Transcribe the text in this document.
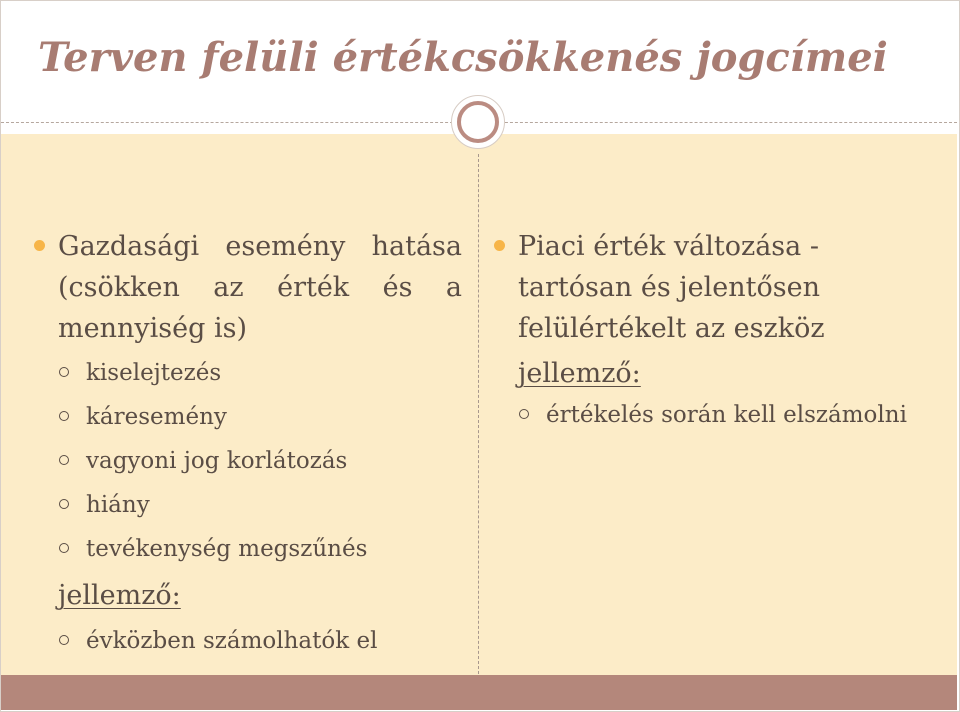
Terven felüli értékcsökkenés jogcímei

Gazdasági esemény hatása (csökken az érték és a mennyiség is)

kiselejtezés

káresemény

vagyoni jog korlátozás

hiány

tevékenység megszűnés

jellemző:

évközben számolhatók el

Piaci érték változása - tartósan és jelentősen felülértékelt az eszköz

jellemző:

értékelés során kell elszámolni
